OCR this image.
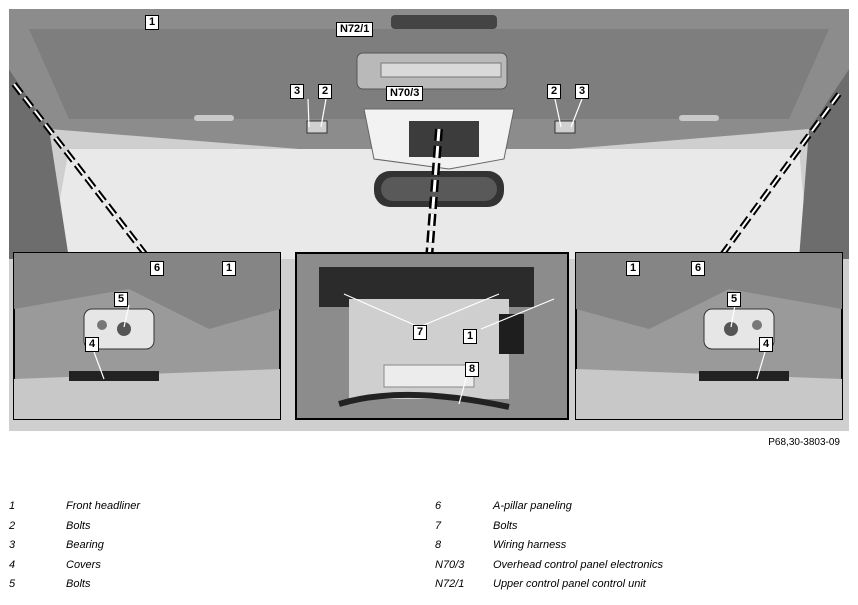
1
N72/1
N70/3
3	2	2	3
6	1
5
4
7	1
8
1	6
5
4
P68,30-3803-09
1	Front headliner
2	Bolts
3	Bearing
4	Covers
5	Bolts
6	A-pillar paneling
7	Bolts
8	Wiring harness
N70/3	Overhead control panel electronics
N72/1	Upper control panel control unit
